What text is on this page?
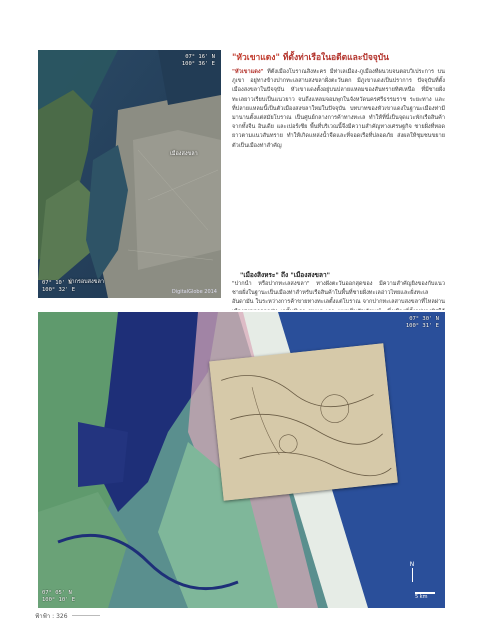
07° 16' N
100° 36' E
เมืองสงขลา
ปากรอบสงขลา
07° 10' N
100° 32' E	DigitalGlobe 2014
"หัวเขาแดง" ที่ตั้งท่าเรือในอดีตและปัจจุบัน
"หัวเขาแดง" ที่ตั้งเมืองโบราณสิงหะคร มีท่าเลเมือง-ภูเมืองที่ผนวบจนตอบวิเประการ บนภูเขา อยู่ทางข้างปากทะเลสาบสงขลาฝั่งตะวันตก มีภูเขาแดงเป็นปราการ ปัจจุบันที่ตั้งเมืองสงขลาในปัจจุบัน หัวเขาแดงตั้งอยู่บนปลายแหลมของสันทรายทิศเหนือ ที่มีชายฝั่งทะเลยาวเรียบเป็นแนวยาว จนถึงแหลมจอมพุกในจังหวัดนครศรีธรรมราช ระยะทาง และ ที่ปลายแหลมนี้เป็นตัวเมืองสงขลาใหม่ในปัจจุบัน บทบาทของหัวเขาแดงในฐานะเมืองท่ามีมานานตั้งแต่สมัยโบราณ เป็นศูนย์กลางการค้าทางทะเล ทำให้ที่นี่เป็นจุดแวะพักเรือสินค้าจากทั้งจีน อินเดีย และเปอร์เซีย พื้นที่บริเวณนี้จึงมีความสำคัญทางเศรษฐกิจ ชายฝั่งที่ทอดยาวตามแนวสันทราย ทำให้เกิดแหล่งน้ำจืดและที่จอดเรือที่ปลอดภัย ส่งผลให้ชุมชนขยายตัวเป็นเมืองท่าสำคัญ
07° 30' N
100° 31' E
07° 05' N
100° 10' E
N
5 km
"เมืองสิงหระ" ถึง "เมืองสงขลา"
ฟ้าฟ้า : 326
"ปากน้ำ หรือปากทะเลสงขลา" ทางฝั่งตะวันออกสุดของ มีความสำคัญยิ่งของกับแนวชายฝั่งในฐานะเป็นเมืองท่าสำหรับเรือสินค้าในพื้นที่ชายฝั่งทะเลอ่าวไทยและฝั่งทะเลอันดามัน ในระหว่างการค้าขายทางทะเลตั้งแต่โบราณ จากปากทะเลสาบสงขลาที่ไหลผ่าน
